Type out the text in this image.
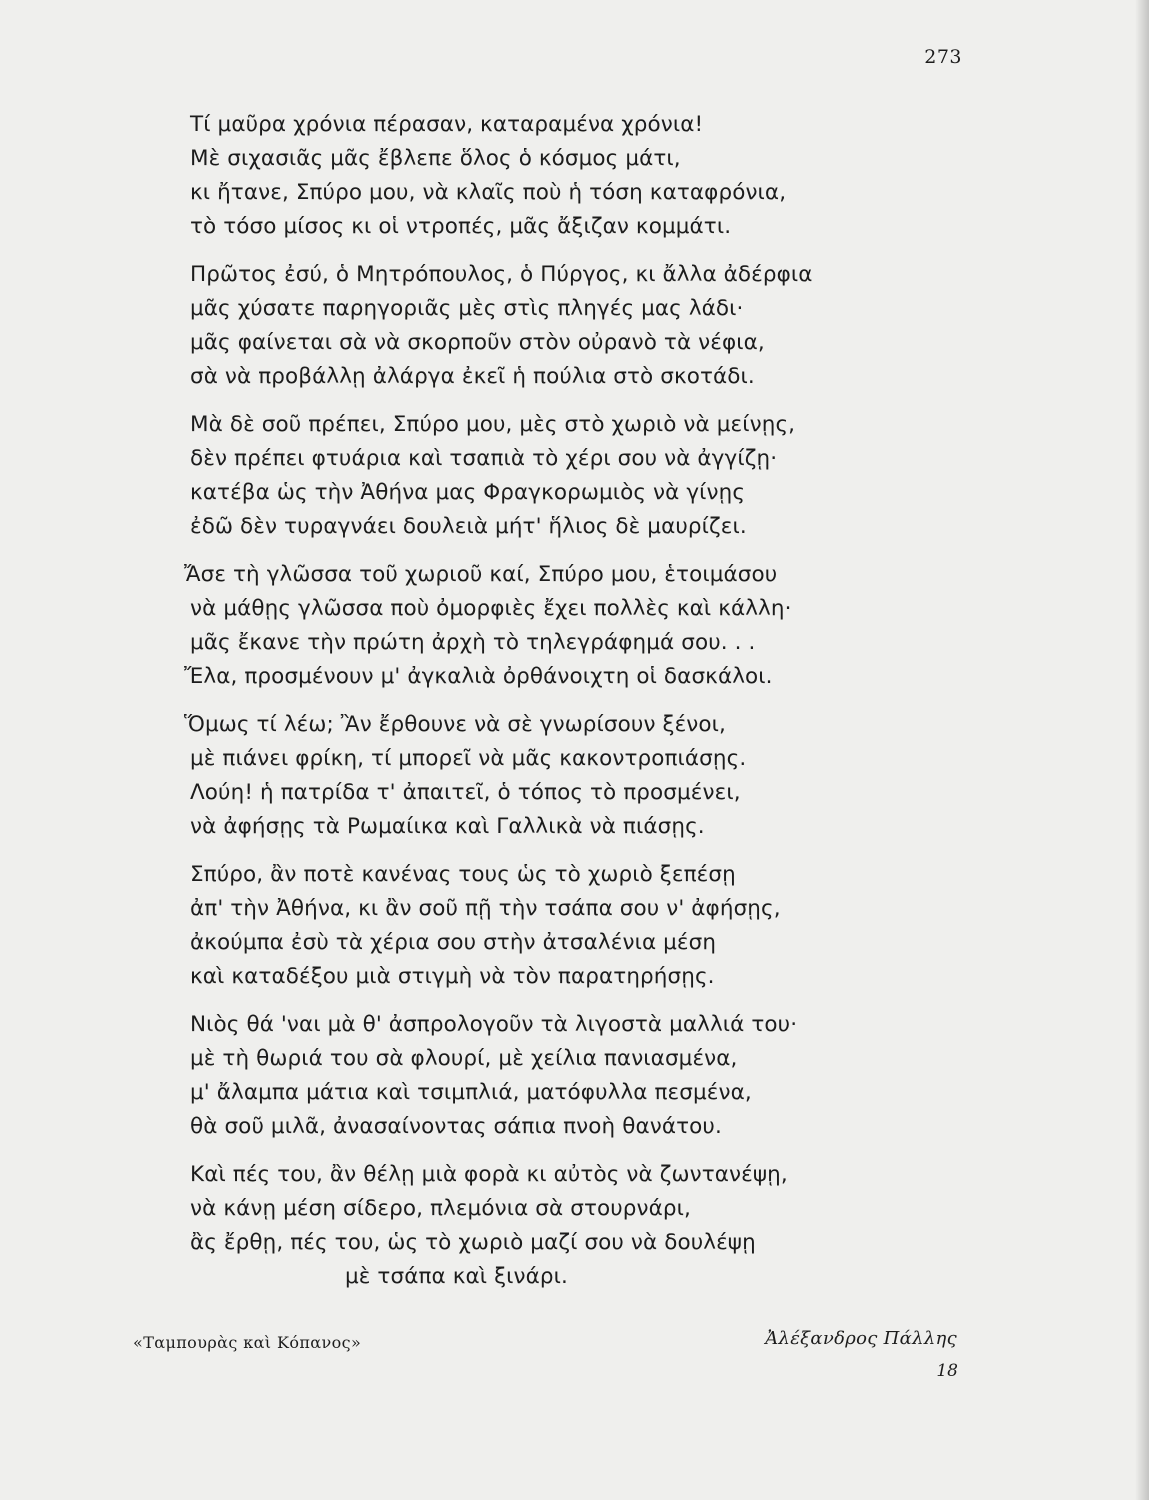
273
Τί μαῦρα χρόνια πέρασαν, καταραμένα χρόνια!
Μὲ σιχασιᾶς μᾶς ἔβλεπε ὅλος ὁ κόσμος μάτι,
κι ἤτανε, Σπύρο μου, νὰ κλαῖς ποὺ ἡ τόση καταφρόνια,
τὸ τόσο μίσος κι οἱ ντροπές, μᾶς ἄξιζαν κομμάτι.
Πρῶτος ἐσύ, ὁ Μητρόπουλος, ὁ Πύργος, κι ἄλλα ἀδέρφια
μᾶς χύσατε παρηγοριᾶς μὲς στὶς πληγές μας λάδι·
μᾶς φαίνεται σὰ νὰ σκορποῦν στὸν οὐρανὸ τὰ νέφια,
σὰ νὰ προβάλλῃ ἀλάργα ἐκεῖ ἡ πούλια στὸ σκοτάδι.
Μὰ δὲ σοῦ πρέπει, Σπύρο μου, μὲς στὸ χωριὸ νὰ μείνῃς,
δὲν πρέπει φτυάρια καὶ τσαπιὰ τὸ χέρι σου νὰ ἀγγίζῃ·
κατέβα ὡς τὴν Ἀθήνα μας Φραγκορωμιὸς νὰ γίνῃς
ἐδῶ δὲν τυραγνάει δουλειὰ μήτ' ἥλιος δὲ μαυρίζει.
Ἄσε τὴ γλῶσσα τοῦ χωριοῦ καί, Σπύρο μου, ἑτοιμάσου
νὰ μάθῃς γλῶσσα ποὺ ὀμορφιὲς ἔχει πολλὲς καὶ κάλλη·
μᾶς ἔκανε τὴν πρώτη ἀρχὴ τὸ τηλεγράφημά σου. . .
Ἔλα, προσμένουν μ' ἀγκαλιὰ ὀρθάνοιχτη οἱ δασκάλοι.
Ὅμως τί λέω; Ἂν ἔρθουνε νὰ σὲ γνωρίσουν ξένοι,
μὲ πιάνει φρίκη, τί μπορεῖ νὰ μᾶς κακοντροπιάσῃς.
Λούη! ἡ πατρίδα τ' ἀπαιτεῖ, ὁ τόπος τὸ προσμένει,
νὰ ἀφήσῃς τὰ Ρωμαίικα καὶ Γαλλικὰ νὰ πιάσῃς.
Σπύρο, ἂν ποτὲ κανένας τους ὡς τὸ χωριὸ ξεπέσῃ
ἀπ' τὴν Ἀθήνα, κι ἂν σοῦ πῇ τὴν τσάπα σου ν' ἀφήσῃς,
ἀκούμπα ἐσὺ τὰ χέρια σου στὴν ἀτσαλένια μέση
καὶ καταδέξου μιὰ στιγμὴ νὰ τὸν παρατηρήσῃς.
Νιὸς θά 'ναι μὰ θ' ἀσπρολογοῦν τὰ λιγοστὰ μαλλιά του·
μὲ τὴ θωριά του σὰ φλουρί, μὲ χείλια πανιασμένα,
μ' ἄλαμπα μάτια καὶ τσιμπλιά, ματόφυλλα πεσμένα,
θὰ σοῦ μιλᾶ, ἀνασαίνοντας σάπια πνοὴ θανάτου.
Καὶ πές του, ἂν θέλῃ μιὰ φορὰ κι αὐτὸς νὰ ζωντανέψῃ,
νὰ κάνῃ μέση σίδερο, πλεμόνια σὰ στουρνάρι,
ἂς ἔρθῃ, πές του, ὡς τὸ χωριὸ μαζί σου νὰ δουλέψῃ
μὲ τσάπα καὶ ξινάρι.
«Ταμπουρὰς καὶ Κόπανος»	Ἀλέξανδρος Πάλλης
18
